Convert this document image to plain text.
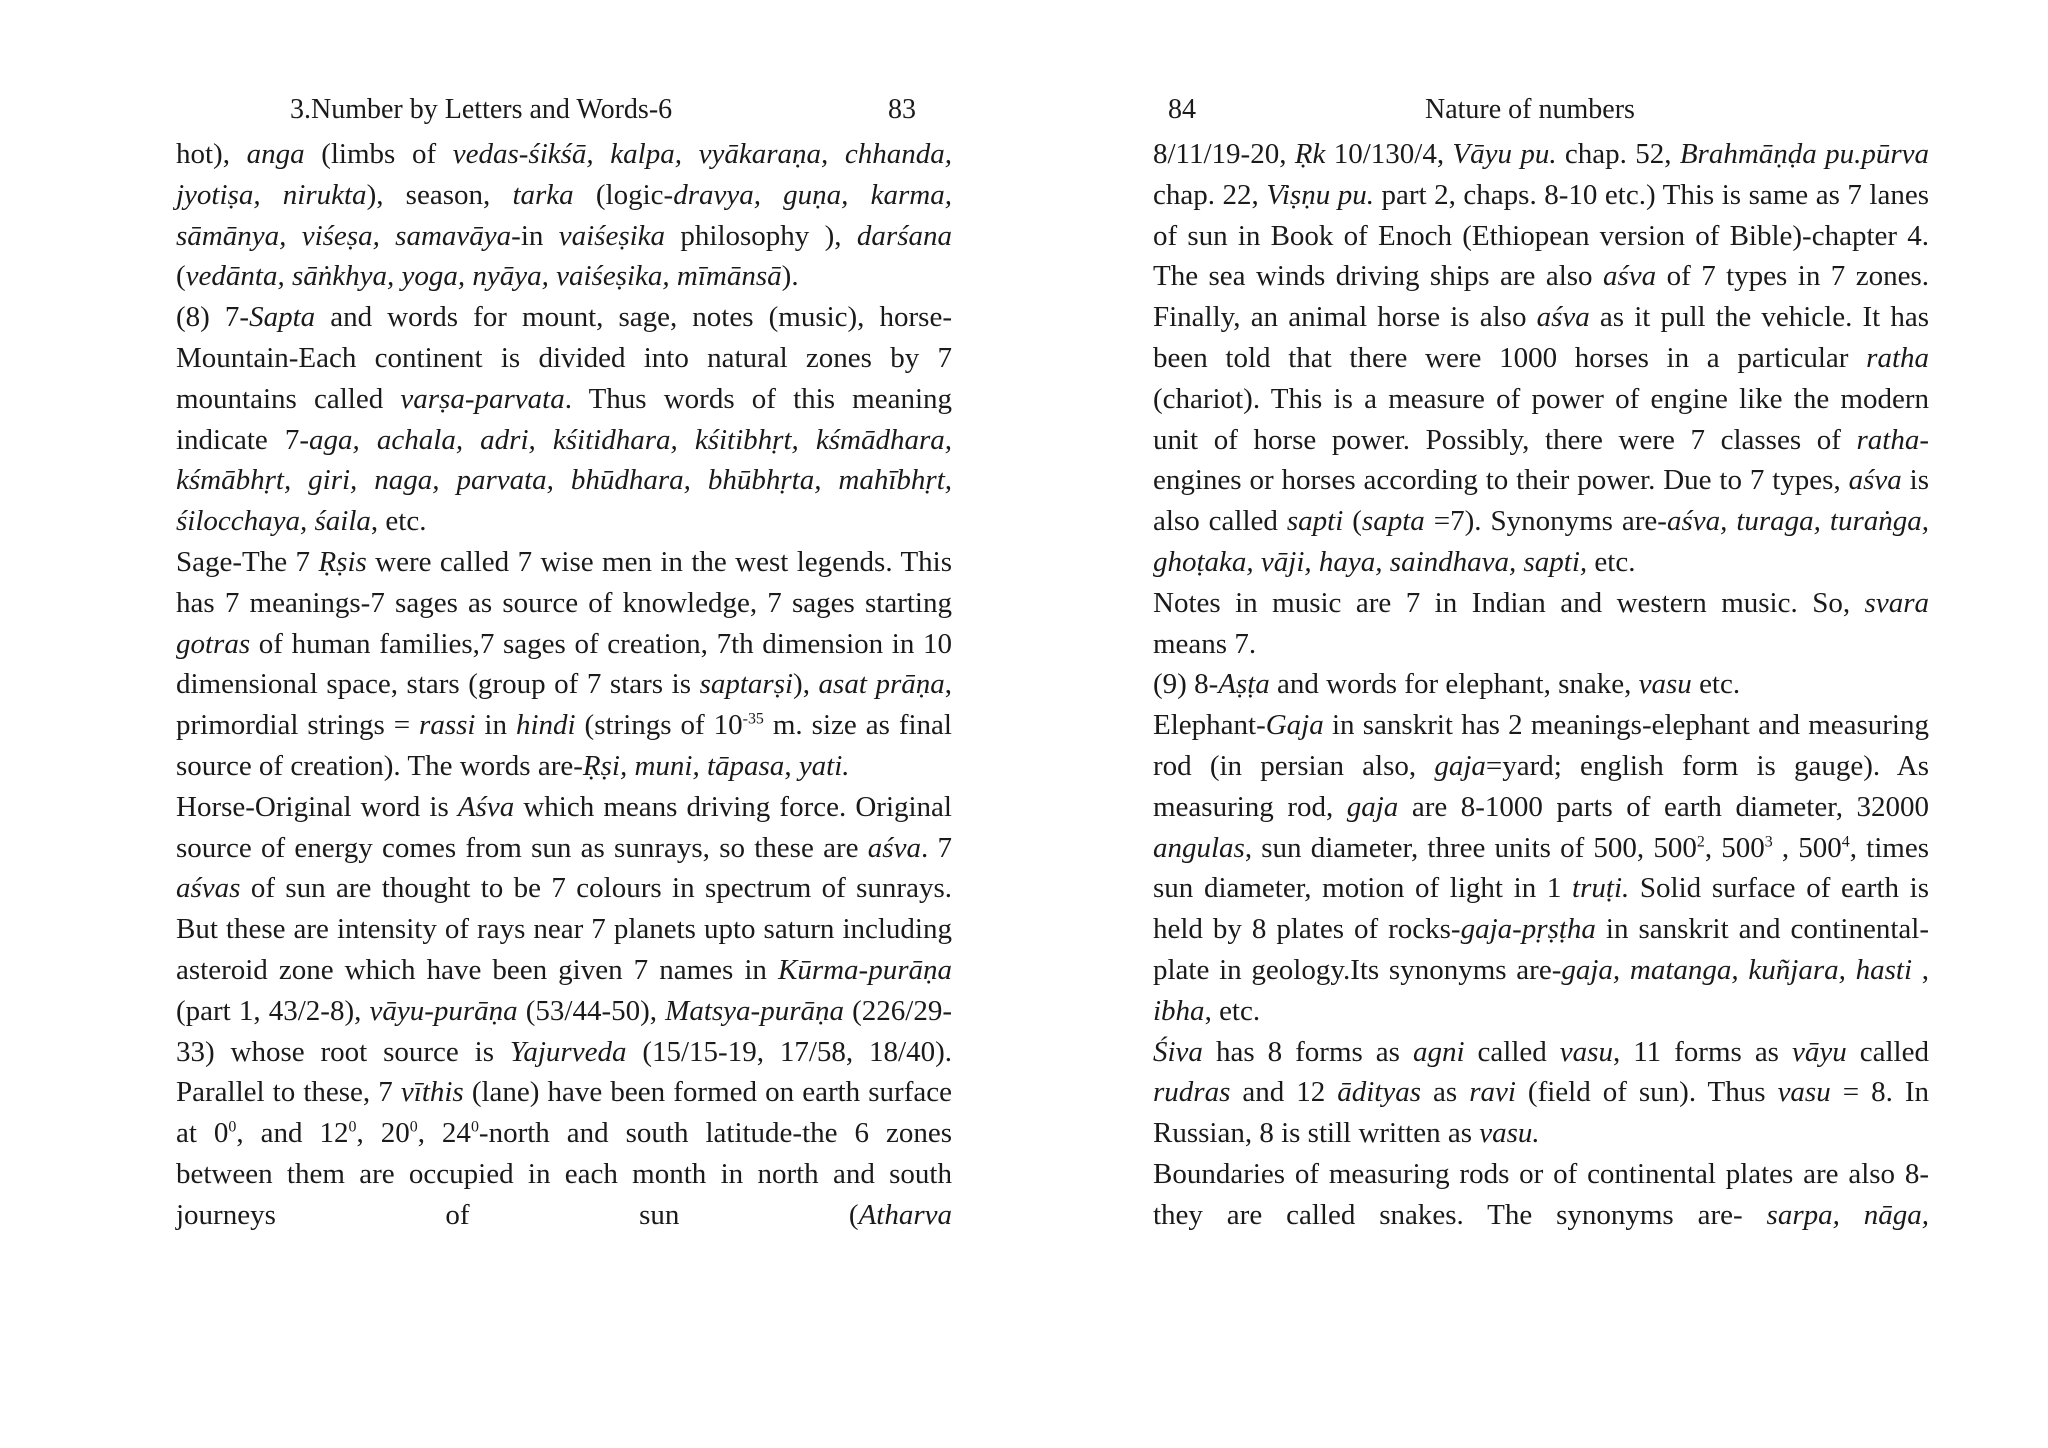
3.Number by Letters and Words-6	83

hot), anga (limbs of vedas-śikśā, kalpa, vyākaraṇa, chhanda, jyotiṣa, nirukta), season, tarka (logic-dravya, guṇa, karma, sāmānya, viśeṣa, samavāya-in vaiśeṣika philosophy ), darśana (vedānta, sāṅkhya, yoga, nyāya, vaiśeṣika, mīmānsā).

(8) 7-Sapta and words for mount, sage, notes (music), horse-Mountain-Each continent is divided into natural zones by 7 mountains called varṣa-parvata. Thus words of this meaning indicate 7-aga, achala, adri, kśitidhara, kśitibhṛt, kśmādhara, kśmābhṛt, giri, naga, parvata, bhūdhara, bhūbhṛta, mahībhṛt, śilocchaya, śaila, etc.

Sage-The 7 Ṛṣis were called 7 wise men in the west legends. This has 7 meanings-7 sages as source of knowledge, 7 sages starting gotras of human families,7 sages of creation, 7th dimension in 10 dimensional space, stars (group of 7 stars is saptarṣi), asat prāṇa, primordial strings = rassi in hindi (strings of $10^{-35}$ m. size as final source of creation). The words are-Ṛṣi, muni, tāpasa, yati.

Horse-Original word is Aśva which means driving force. Original source of energy comes from sun as sunrays, so these are aśva. 7 aśvas of sun are thought to be 7 colours in spectrum of sunrays. But these are intensity of rays near 7 planets upto saturn including asteroid zone which have been given 7 names in Kūrma-purāṇa (part 1, 43/2-8), vāyu-purāṇa (53/44-50), Matsya-purāṇa (226/29-33) whose root source is Yajurveda (15/15-19, 17/58, 18/40). Parallel to these, 7 vīthis (lane) have been formed on earth surface at $0^0$, and $12^0$, $20^0$, $24^0$-north and south latitude-the 6 zones between them are occupied in each month in north and south journeys of sun (Atharva

84	Nature of numbers

8/11/19-20, Ṛk 10/130/4, Vāyu pu. chap. 52, Brahmāṇḍa pu.pūrva chap. 22, Viṣṇu pu. part 2, chaps. 8-10 etc.) This is same as 7 lanes of sun in Book of Enoch (Ethiopean version of Bible)-chapter 4. The sea winds driving ships are also aśva of 7 types in 7 zones. Finally, an animal horse is also aśva as it pull the vehicle. It has been told that there were 1000 horses in a particular ratha (chariot). This is a measure of power of engine like the modern unit of horse power. Possibly, there were 7 classes of ratha-engines or horses according to their power. Due to 7 types, aśva is also called sapti (sapta =7). Synonyms are-aśva, turaga, turaṅga, ghoṭaka, vāji, haya, saindhava, sapti, etc.

Notes in music are 7 in Indian and western music. So, svara means 7.

(9) 8-Aṣṭa and words for elephant, snake, vasu etc.

Elephant-Gaja in sanskrit has 2 meanings-elephant and measuring rod (in persian also, gaja=yard; english form is gauge). As measuring rod, gaja are 8-1000 parts of earth diameter, 32000 angulas, sun diameter, three units of 500, $500^2$, $500^3$ , $500^4$, times sun diameter, motion of light in 1 truṭi. Solid surface of earth is held by 8 plates of rocks-gaja-pṛṣṭha in sanskrit and continental-plate in geology.Its synonyms are-gaja, matanga, kuñjara, hasti , ibha, etc.

Śiva has 8 forms as agni called vasu, 11 forms as vāyu called rudras and 12 ādityas as ravi (field of sun). Thus vasu = 8. In Russian, 8 is still written as vasu.

Boundaries of measuring rods or of continental plates are also 8- they are called snakes. The synonyms are- sarpa, nāga,
